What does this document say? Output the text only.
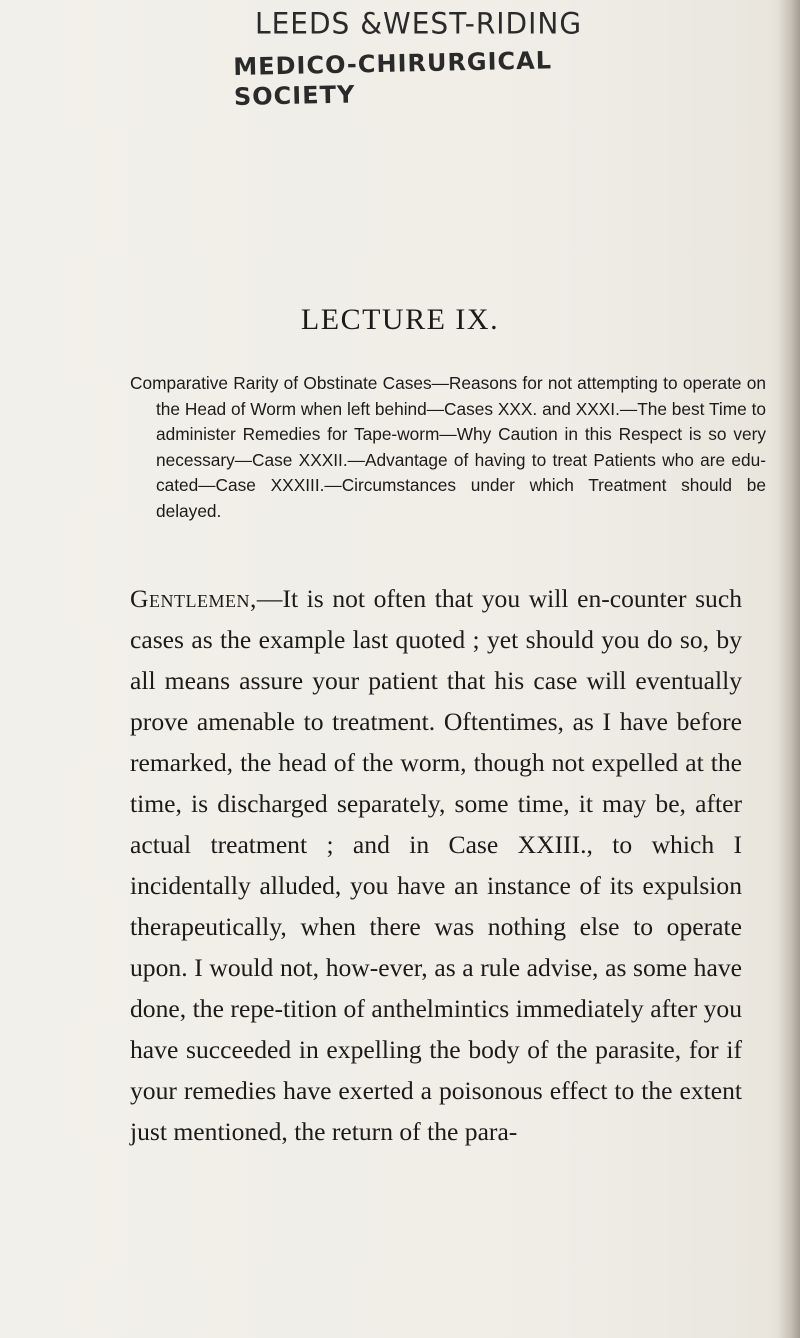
LEEDS &WEST-RIDING
MEDICO-CHIRURGICAL SOCIETY
LECTURE IX.

Comparative Rarity of Obstinate Cases—Reasons for not attempting to operate on the Head of Worm when left behind—Cases XXX. and XXXI.—The best Time to administer Remedies for Tape-worm—Why Caution in this Respect is so very necessary—Case XXXII.—Advantage of having to treat Patients who are edu-cated—Case XXXIII.—Circumstances under which Treatment should be delayed.

Gentlemen,—It is not often that you will en-counter such cases as the example last quoted ; yet should you do so, by all means assure your patient that his case will eventually prove amenable to treatment. Oftentimes, as I have before remarked, the head of the worm, though not expelled at the time, is discharged separately, some time, it may be, after actual treatment ; and in Case XXIII., to which I incidentally alluded, you have an instance of its expulsion therapeutically, when there was nothing else to operate upon. I would not, how-ever, as a rule advise, as some have done, the repe-tition of anthelmintics immediately after you have succeeded in expelling the body of the parasite, for if your remedies have exerted a poisonous effect to the extent just mentioned, the return of the para-
